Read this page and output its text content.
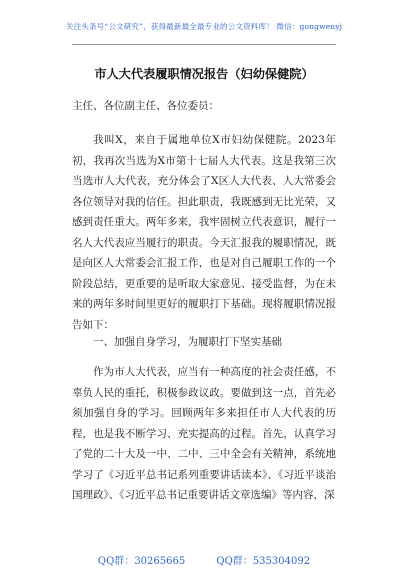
关注头条号“公文研究”，获得最新最全最专业的公文资料库！ 微信：gongwenyj
市人大代表履职情况报告（妇幼保健院）

主任、各位副主任、各位委员：

我叫X，来自于属地单位X市妇幼保健院。2023年初，我再次当选为X市第十七届人大代表。这是我第三次当选市人大代表，充分体会了X区人大代表、人大常委会各位领导对我的信任。担此职责，我既感到无比光荣，又感到责任重大。两年多来，我牢固树立代表意识，履行一名人大代表应当履行的职责。今天汇报我的履职情况，既是向区人大常委会汇报工作，也是对自己履职工作的一个阶段总结，更重要的是听取大家意见、接受监督，为在未来的两年多时间里更好的履职打下基础。现将履职情况报告如下：

一、加强自身学习，为履职打下坚实基础

作为市人大代表，应当有一种高度的社会责任感，不辜负人民的重托，积极参政议政。要做到这一点，首先必须加强自身的学习。回顾两年多来担任市人大代表的历程，也是我不断学习、充实提高的过程。首先，认真学习了党的二十大及一中、二中、三中全会有关精神，系统地学习了《习近平总书记系列重要讲话读本》、《习近平谈治国理政》、《习近平总书记重要讲话文章选编》等内容，深

QQ群：30265665	QQ群：535304092
